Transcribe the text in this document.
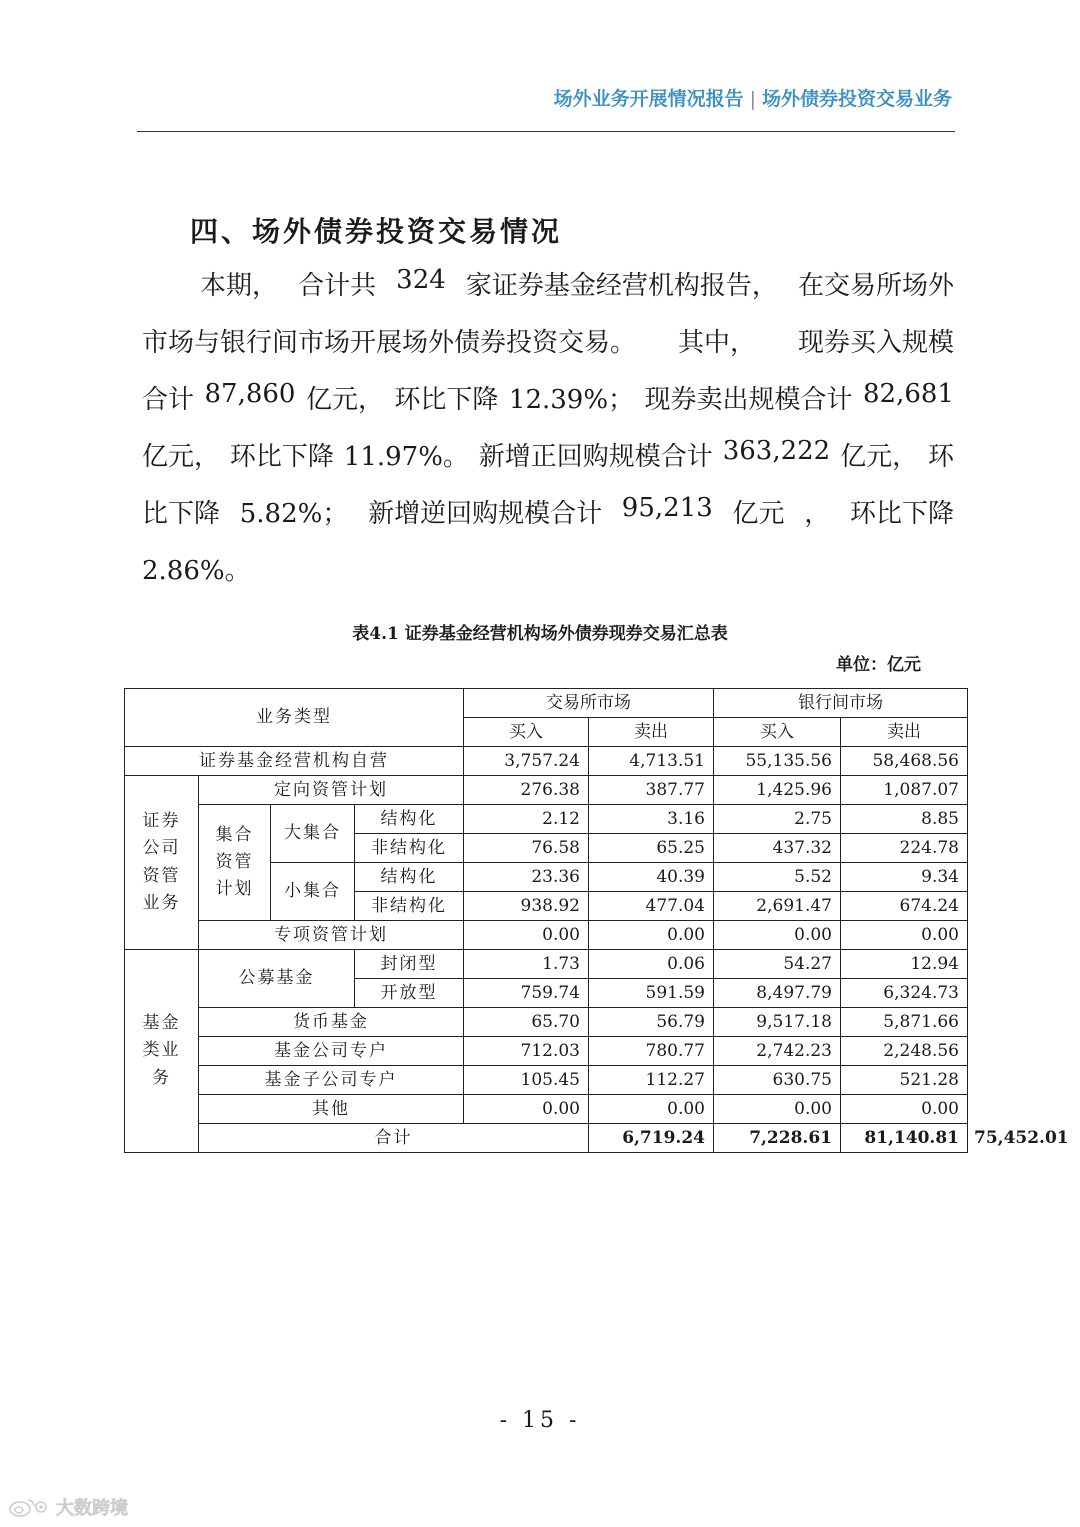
场外业务开展情况报告 | 场外债券投资交易业务
四、场外债券投资交易情况
本期， 合计共 324 家证券基金经营机构报告， 在交易所场外
市场与银行间市场开展场外债券投资交易。 其中， 现券买入规模
合计 87,860 亿元， 环比下降 12.39%； 现券卖出规模合计 82,681
亿元， 环比下降 11.97%。 新增正回购规模合计 363,222 亿元， 环
比下降 5.82%； 新增逆回购规模合计 95,213 亿元 ， 环比下降
2.86%。
表4.1 证券基金经营机构场外债券现券交易汇总表
单位：亿元
业务类型				交易所市场		银行间市场		
				买入	卖出	买入	卖出	
证券基金经营机构自营				3,757.24	4,713.51	55,135.56	58,468.56	
证券
公司
资管
业务	定向资管计划			276.38	387.77	1,425.96	1,087.07	
	集合
资管
计划	大集合	结构化	2.12	3.16	2.75	8.85	
			非结构化	76.58	65.25	437.32	224.78	
		小集合	结构化	23.36	40.39	5.52	9.34	
			非结构化	938.92	477.04	2,691.47	674.24	
	专项资管计划			0.00	0.00	0.00	0.00	
基金
类业
务	公募基金		封闭型	1.73	0.06	54.27	12.94	
			开放型	759.74	591.59	8,497.79	6,324.73	
	货币基金			65.70	56.79	9,517.18	5,871.66	
	基金公司专户			712.03	780.77	2,742.23	2,248.56	
	基金子公司专户			105.45	112.27	630.75	521.28	
	其他			0.00	0.00	0.00	0.00	
	合计				6,719.24	7,228.61	81,140.81	75,452.01
- 15 -
大数跨境
